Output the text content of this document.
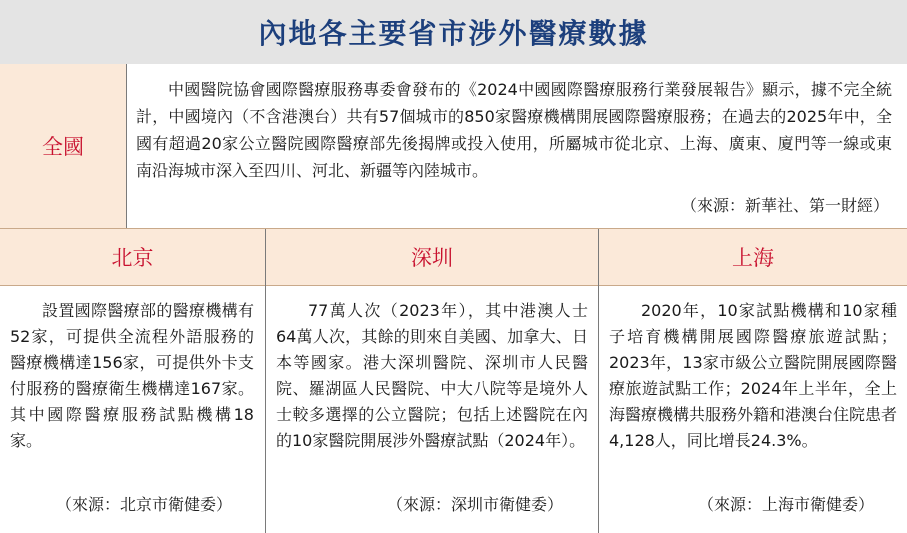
內地各主要省市涉外醫療數據
全國
中國醫院協會國際醫療服務專委會發布的《2024中國國際醫療服務行業發展報告》顯示，據不完全統計，中國境內（不含港澳台）共有57個城市的850家醫療機構開展國際醫療服務；在過去的2025年中，全國有超過20家公立醫院國際醫療部先後揭牌或投入使用，所屬城市從北京、上海、廣東、廈門等一線或東南沿海城市深入至四川、河北、新疆等內陸城市。
（來源：新華社、第一財經）
北京	深圳	上海
設置國際醫療部的醫療機構有52家，可提供全流程外語服務的醫療機構達156家，可提供外卡支付服務的醫療衛生機構達167家。其中國際醫療服務試點機構18家。
（來源：北京市衛健委）
77萬人次（2023年），其中港澳人士64萬人次，其餘的則來自美國、加拿大、日本等國家。港大深圳醫院、深圳市人民醫院、羅湖區人民醫院、中大八院等是境外人士較多選擇的公立醫院；包括上述醫院在內的10家醫院開展涉外醫療試點（2024年）。
（來源：深圳市衛健委）
2020年，10家試點機構和10家種子培育機構開展國際醫療旅遊試點；2023年，13家市級公立醫院開展國際醫療旅遊試點工作；2024年上半年，全上海醫療機構共服務外籍和港澳台住院患者4,128人，同比增長24.3%。
（來源：上海市衛健委）
